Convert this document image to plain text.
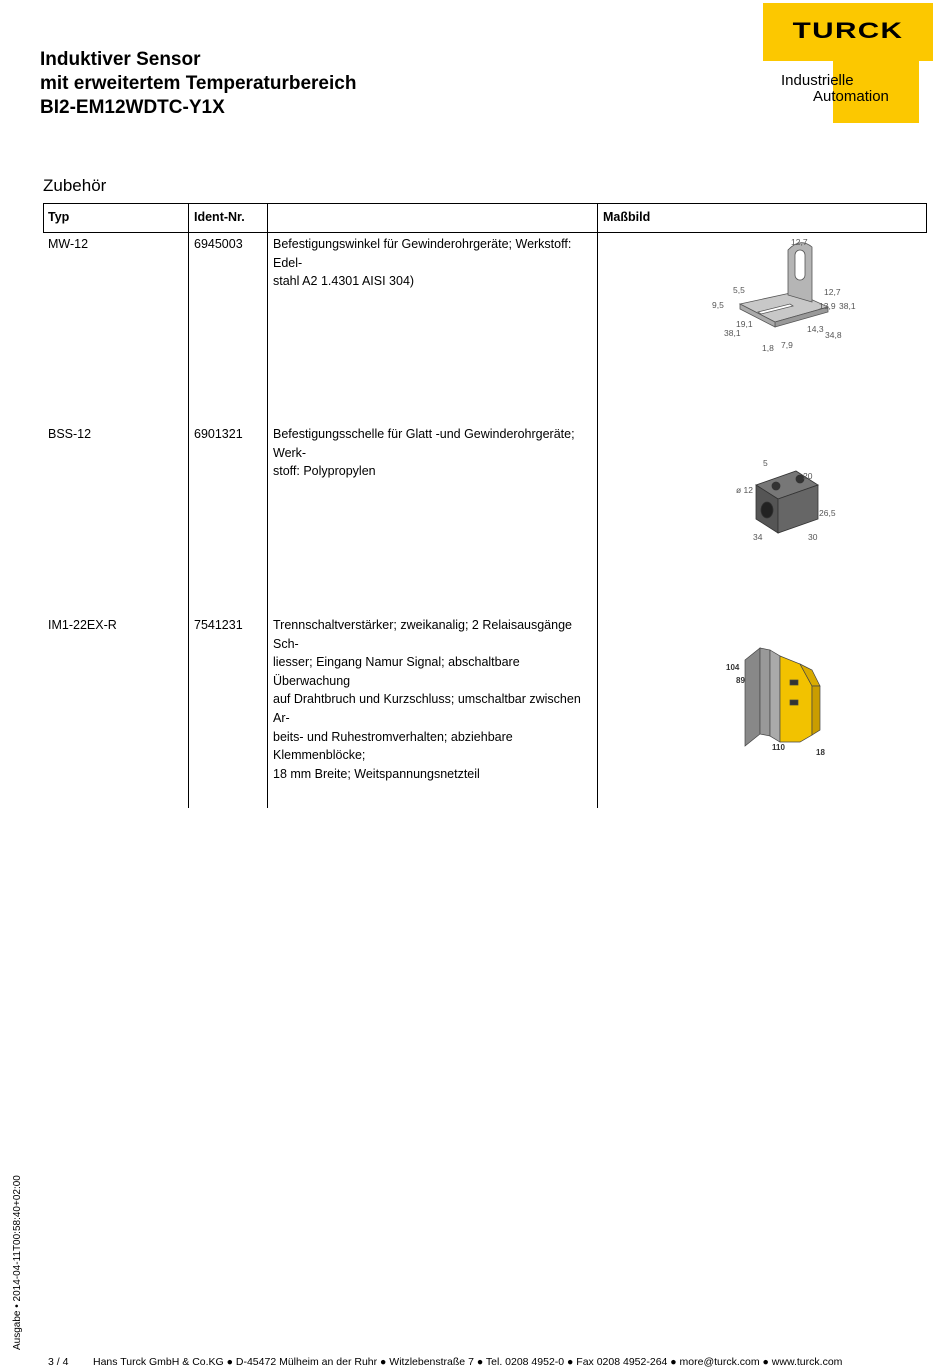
Induktiver Sensor
mit erweitertem Temperaturbereich
BI2-EM12WDTC-Y1X
TURCK
Industrielle
Automation
Zubehör
Typ	Ident-Nr.	Maßbild
MW-12	6945003 Befestigungswinkel für Gewinderohrgeräte; Werkstoff: Edel-
stahl A2 1.4301 AISI 304)
12,7
5,5	12,7
9,5	13,9 38,1
19,1	14,3
38,1	34,8
1,8 7,9
BSS-12	6901321 Befestigungsschelle für Glatt -und Gewinderohrgeräte; Werk-
stoff: Polypropylen
5
20
ø 12
26,5
34	30
IM1-22EX-R	7541231 Trennschaltverstärker; zweikanalig; 2 Relaisausgänge Sch-
liesser; Eingang Namur Signal; abschaltbare Überwachung
auf Drahtbruch und Kurzschluss; umschaltbar zwischen Ar-
beits- und Ruhestromverhalten; abziehbare Klemmenblöcke;
18 mm Breite; Weitspannungsnetzteil
104
89
110
18
Ausgabe • 2014-04-11T00:58:40+02:00
3 / 4 Hans Turck GmbH & Co.KG ● D-45472 Mülheim an der Ruhr ● Witzlebenstraße 7 ● Tel. 0208 4952-0 ● Fax 0208 4952-264 ● more@turck.com ● www.turck.com
